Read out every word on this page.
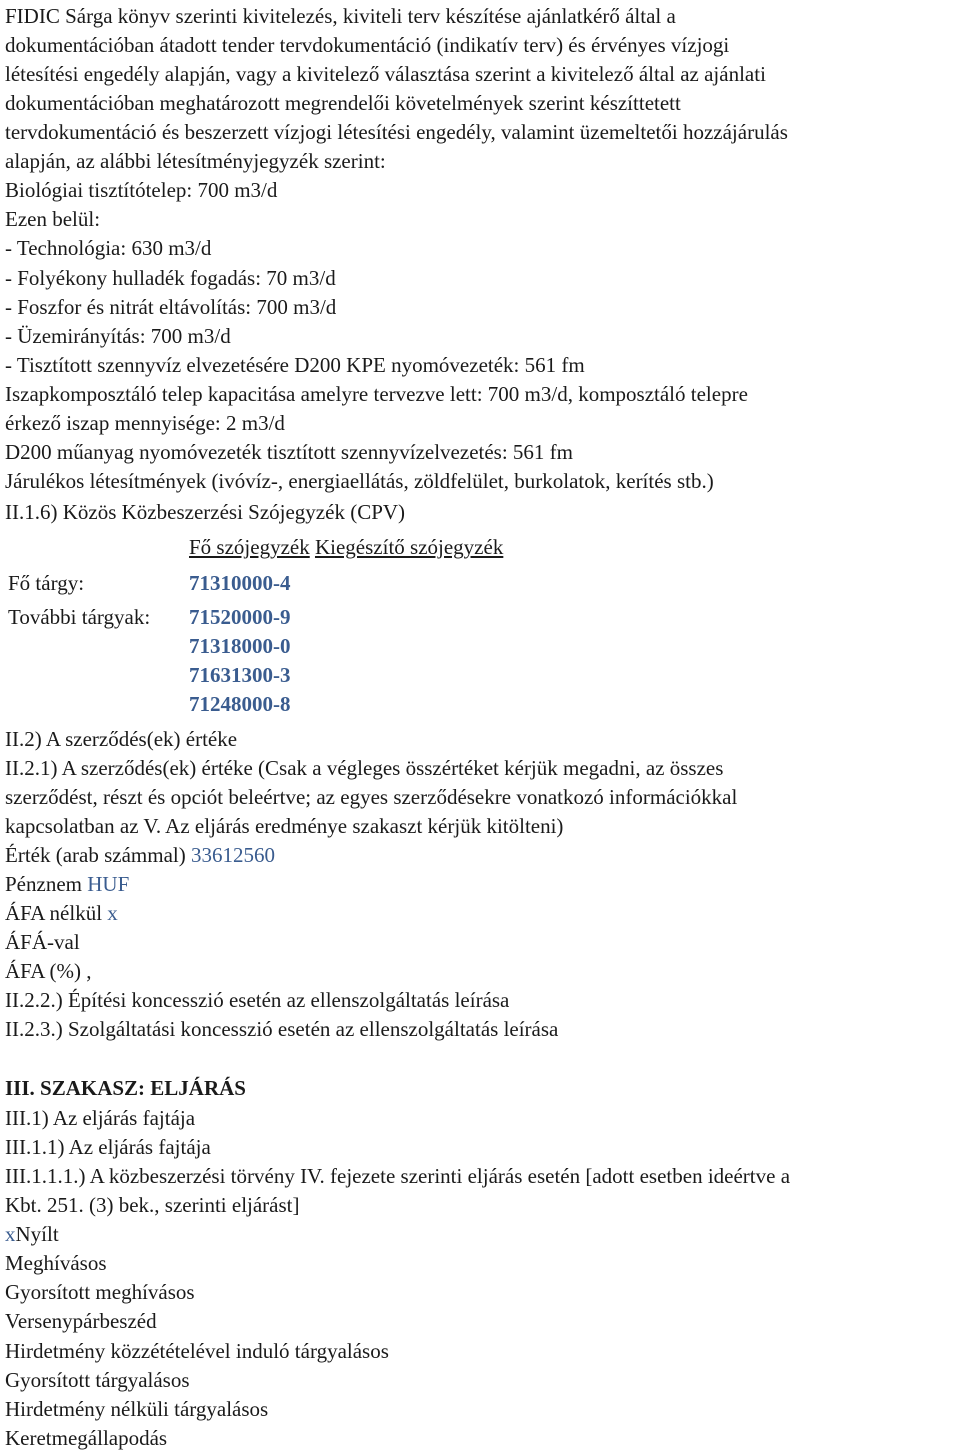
FIDIC Sárga könyv szerinti kivitelezés, kiviteli terv készítése ajánlatkérő által a
dokumentációban átadott tender tervdokumentáció (indikatív terv) és érvényes vízjogi
létesítési engedély alapján, vagy a kivitelező választása szerint a kivitelező által az ajánlati
dokumentációban meghatározott megrendelői követelmények szerint készíttetett
tervdokumentáció és beszerzett vízjogi létesítési engedély, valamint üzemeltetői hozzájárulás
alapján, az alábbi létesítményjegyzék szerint:
Biológiai tisztítótelep: 700 m3/d
Ezen belül:
- Technológia: 630 m3/d
- Folyékony hulladék fogadás: 70 m3/d
- Foszfor és nitrát eltávolítás: 700 m3/d
- Üzemirányítás: 700 m3/d
- Tisztított szennyvíz elvezetésére D200 KPE nyomóvezeték: 561 fm
Iszapkomposztáló telep kapacitása amelyre tervezve lett: 700 m3/d, komposztáló telepre
érkező iszap mennyisége: 2 m3/d
D200 műanyag nyomóvezeték tisztított szennyvízelvezetés: 561 fm
Járulékos létesítmények (ivóvíz-, energiaellátás, zöldfelület, burkolatok, kerítés stb.)
II.1.6) Közös Közbeszerzési Szójegyzék (CPV)
Fő szójegyzék Kiegészítő szójegyzék
Fő tárgy:	71310000-4
További tárgyak: 71520000-9
71318000-0
71631300-3
71248000-8
II.2) A szerződés(ek) értéke
II.2.1) A szerződés(ek) értéke (Csak a végleges összértéket kérjük megadni, az összes
szerződést, részt és opciót beleértve; az egyes szerződésekre vonatkozó információkkal
kapcsolatban az V. Az eljárás eredménye szakaszt kérjük kitölteni)
Érték (arab számmal) 33612560
Pénznem HUF
ÁFA nélkül x
ÁFÁ-val
ÁFA (%) ,
II.2.2.) Építési koncesszió esetén az ellenszolgáltatás leírása
II.2.3.) Szolgáltatási koncesszió esetén az ellenszolgáltatás leírása
III. SZAKASZ: ELJÁRÁS
III.1) Az eljárás fajtája
III.1.1) Az eljárás fajtája
III.1.1.1.) A közbeszerzési törvény IV. fejezete szerinti eljárás esetén [adott esetben ideértve a
Kbt. 251. (3) bek., szerinti eljárást]
xNyílt
Meghívásos
Gyorsított meghívásos
Versenypárbeszéd
Hirdetmény közzétételével induló tárgyalásos
Gyorsított tárgyalásos
Hirdetmény nélküli tárgyalásos
Keretmegállapodás
